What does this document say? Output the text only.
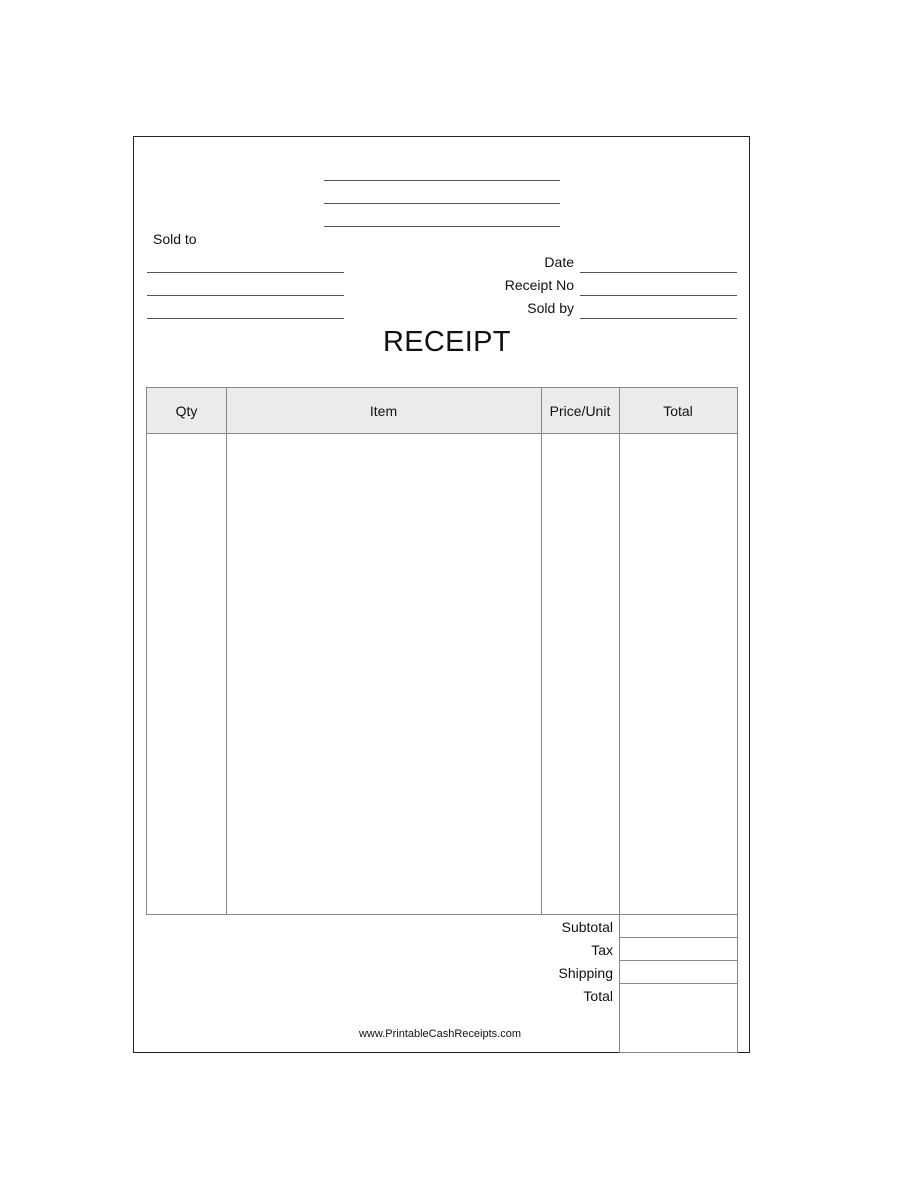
Sold to
Date
Receipt No
Sold by
RECEIPT
Qty	Item	Price/Unit	Total
Subtotal
Tax
Shipping
Total
www.PrintableCashReceipts.com
